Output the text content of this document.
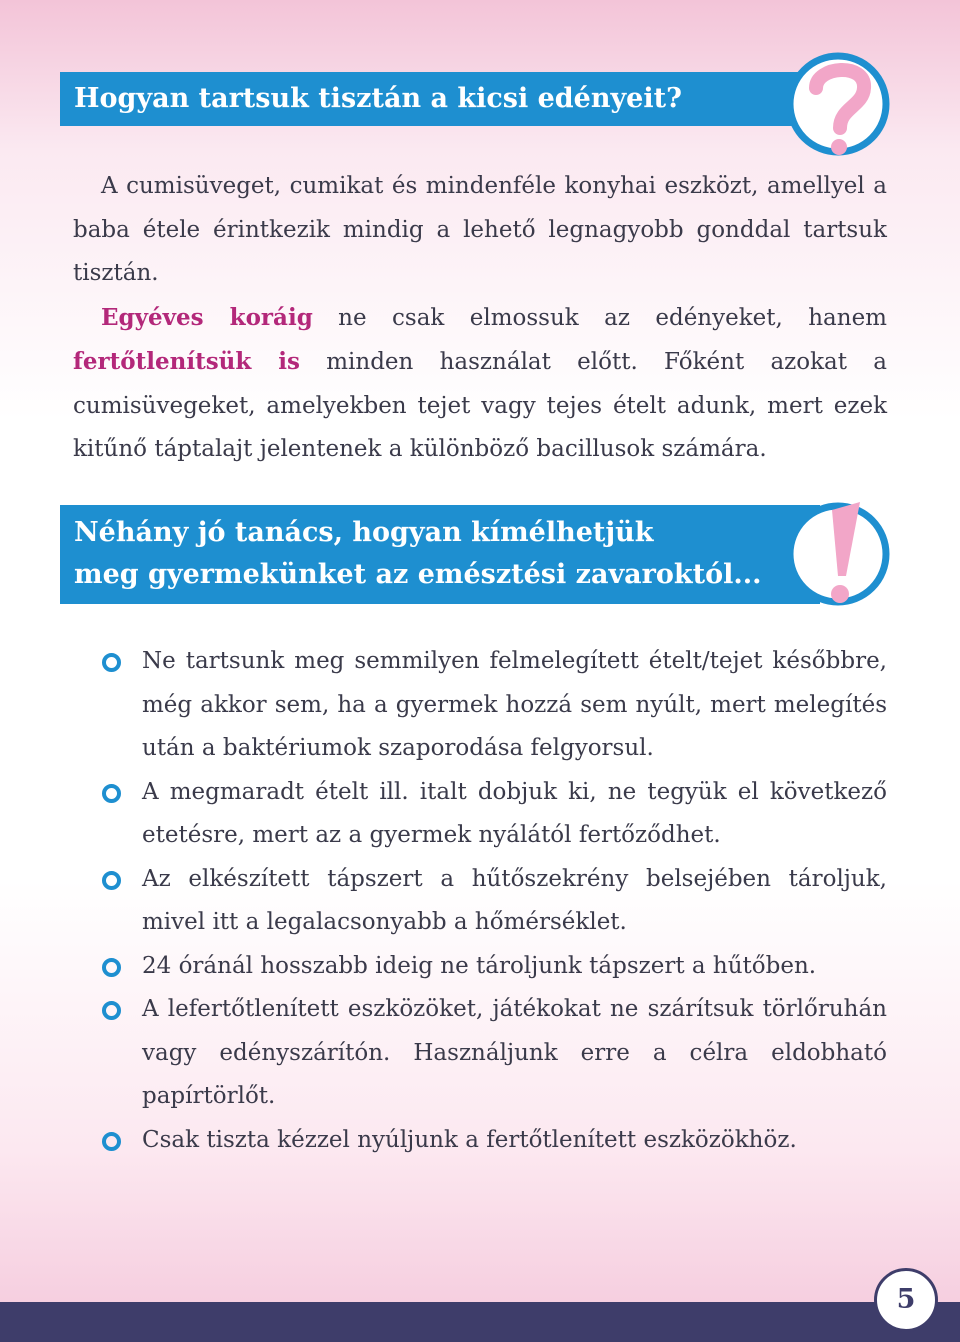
Hogyan tartsuk tisztán a kicsi edényeit?

A cumisüveget, cumikat és mindenféle konyhai eszközt, amellyel a baba ételе érintkezik mindig a lehető legnagyobb gonddal tartsuk tisztán.

Egyéves koráig ne csak elmossuk az edényeket, hanem fertőtlenítsük is minden használat előtt. Főként azokat a cumisüvegeket, amelyekben tejet vagy tejes ételt adunk, mert ezek kitűnő táptalajt jelentenek a különböző bacillusok számára.

Néhány jó tanács, hogyan kímélhetjük
meg gyermekünket az emésztési zavaroktól...
Ne tartsunk meg semmilyen felmelegített ételt/tejet későbbre, még akkor sem, ha a gyermek hozzá sem nyúlt, mert melegítés után a baktériumok szaporodása felgyorsul.
A megmaradt ételt ill. italt dobjuk ki, ne tegyük el következő etetésre, mert az a gyermek nyálától fertőződhet.
Az elkészített tápszert a hűtőszekrény belsejében tároljuk, mivel itt a legalacsonyabb a hőmérséklet.
24 óránál hosszabb ideig ne tároljunk tápszert a hűtőben.
A lefertőtlenített eszközöket, játékokat ne szárítsuk törlőruhán vagy edényszárítón. Használjunk erre a célra eldobható papírtörlőt.
Csak tiszta kézzel nyúljunk a fertőtlenített eszközökhöz.
5
